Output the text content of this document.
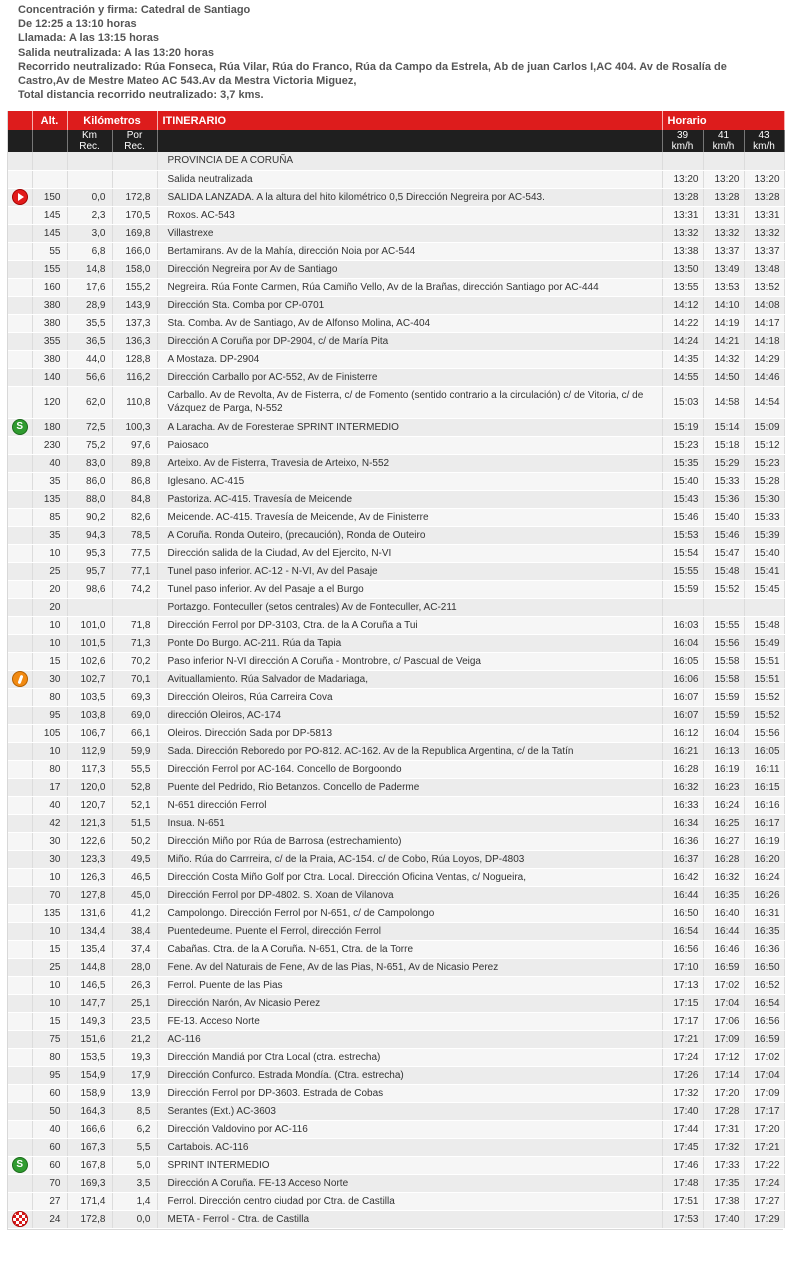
Concentración y firma: Catedral de Santiago
De 12:25 a 13:10 horas
Llamada: A las 13:15 horas
Salida neutralizada: A las 13:20 horas
Recorrido neutralizado: Rúa Fonseca, Rúa Vilar, Rúa do Franco, Rúa da Campo da Estrela, Ab de juan Carlos I,AC 404. Av de Rosalía de Castro,Av de Mestre Mateo AC 543.Av da Mestra Victoria Miguez,
Total distancia recorrido neutralizado: 3,7 kms.
	Alt.	Kilómetros		ITINERARIO	Horario		
		Km Rec.	Por Rec.		39 km/h	41 km/h	43 km/h
				PROVINCIA DE A CORUÑA			
				Salida neutralizada	13:20	13:20	13:20
	150	0,0	172,8	SALIDA LANZADA. A la altura del hito kilométrico 0,5 Dirección Negreira por AC-543.	13:28	13:28	13:28
	145	2,3	170,5	Roxos. AC-543	13:31	13:31	13:31
	145	3,0	169,8	Villastrexe	13:32	13:32	13:32
	55	6,8	166,0	Bertamirans. Av de la Mahía, dirección Noia por AC-544	13:38	13:37	13:37
	155	14,8	158,0	Dirección Negreira por Av de Santiago	13:50	13:49	13:48
	160	17,6	155,2	Negreira. Rúa Fonte Carmen, Rúa Camiño Vello, Av de la Brañas, dirección Santiago por AC-444	13:55	13:53	13:52
	380	28,9	143,9	Dirección Sta. Comba por CP-0701	14:12	14:10	14:08
	380	35,5	137,3	Sta. Comba. Av de Santiago, Av de Alfonso Molina, AC-404	14:22	14:19	14:17
	355	36,5	136,3	Dirección A Coruña por DP-2904, c/ de María Pita	14:24	14:21	14:18
	380	44,0	128,8	A Mostaza. DP-2904	14:35	14:32	14:29
	140	56,6	116,2	Dirección Carballo por AC-552, Av de Finisterre	14:55	14:50	14:46
	120	62,0	110,8	Carballo. Av de Revolta, Av de Fisterra, c/ de Fomento (sentido contrario a la circulación) c/ de Vitoria, c/ de Vázquez de Parga, N-552	15:03	14:58	14:54
S	180	72,5	100,3	A Laracha. Av de Foresterae SPRINT INTERMEDIO	15:19	15:14	15:09
	230	75,2	97,6	Paiosaco	15:23	15:18	15:12
	40	83,0	89,8	Arteixo. Av de Fisterra, Travesia de Arteixo, N-552	15:35	15:29	15:23
	35	86,0	86,8	Iglesano. AC-415	15:40	15:33	15:28
	135	88,0	84,8	Pastoriza. AC-415. Travesía de Meicende	15:43	15:36	15:30
	85	90,2	82,6	Meicende. AC-415. Travesía de Meicende, Av de Finisterre	15:46	15:40	15:33
	35	94,3	78,5	A Coruña. Ronda Outeiro, (precaución), Ronda de Outeiro	15:53	15:46	15:39
	10	95,3	77,5	Dirección salida de la Ciudad, Av del Ejercito, N-VI	15:54	15:47	15:40
	25	95,7	77,1	Tunel paso inferior. AC-12 - N-VI, Av del Pasaje	15:55	15:48	15:41
	20	98,6	74,2	Tunel paso inferior. Av del Pasaje a el Burgo	15:59	15:52	15:45
	20			Portazgo. Fonteculler (setos centrales) Av de Fonteculler, AC-211			
	10	101,0	71,8	Dirección Ferrol por DP-3103, Ctra. de la A Coruña a Tui	16:03	15:55	15:48
	10	101,5	71,3	Ponte Do Burgo. AC-211. Rúa da Tapia	16:04	15:56	15:49
	15	102,6	70,2	Paso inferior N-VI dirección A Coruña - Montrobre, c/ Pascual de Veiga	16:05	15:58	15:51
	30	102,7	70,1	Avituallamiento. Rúa Salvador de Madariaga,	16:06	15:58	15:51
	80	103,5	69,3	Dirección Oleiros, Rúa Carreira Cova	16:07	15:59	15:52
	95	103,8	69,0	dirección Oleiros, AC-174	16:07	15:59	15:52
	105	106,7	66,1	Oleiros. Dirección Sada por DP-5813	16:12	16:04	15:56
	10	112,9	59,9	Sada. Dirección Reboredo por PO-812. AC-162. Av de la Republica Argentina, c/ de la Tatín	16:21	16:13	16:05
	80	117,3	55,5	Dirección Ferrol por AC-164. Concello de Borgoondo	16:28	16:19	16:11
	17	120,0	52,8	Puente del Pedrido, Rio Betanzos. Concello de Paderme	16:32	16:23	16:15
	40	120,7	52,1	N-651 dirección Ferrol	16:33	16:24	16:16
	42	121,3	51,5	Insua. N-651	16:34	16:25	16:17
	30	122,6	50,2	Dirección Miño por Rúa de Barrosa (estrechamiento)	16:36	16:27	16:19
	30	123,3	49,5	Miño. Rúa do Carrreira, c/ de la Praia, AC-154. c/ de Cobo, Rúa Loyos, DP-4803	16:37	16:28	16:20
	10	126,3	46,5	Dirección Costa Miño Golf por Ctra. Local. Dirección Oficina Ventas, c/ Nogueira,	16:42	16:32	16:24
	70	127,8	45,0	Dirección Ferrol por DP-4802. S. Xoan de Vilanova	16:44	16:35	16:26
	135	131,6	41,2	Campolongo. Dirección Ferrol por N-651, c/ de Campolongo	16:50	16:40	16:31
	10	134,4	38,4	Puentedeume. Puente el Ferrol, dirección Ferrol	16:54	16:44	16:35
	15	135,4	37,4	Cabañas. Ctra. de la A Coruña. N-651, Ctra. de la Torre	16:56	16:46	16:36
	25	144,8	28,0	Fene. Av del Naturais de Fene, Av de las Pias, N-651, Av de Nicasio Perez	17:10	16:59	16:50
	10	146,5	26,3	Ferrol. Puente de las Pias	17:13	17:02	16:52
	10	147,7	25,1	Dirección Narón, Av Nicasio Perez	17:15	17:04	16:54
	15	149,3	23,5	FE-13. Acceso Norte	17:17	17:06	16:56
	75	151,6	21,2	AC-116	17:21	17:09	16:59
	80	153,5	19,3	Dirección Mandiá por Ctra Local (ctra. estrecha)	17:24	17:12	17:02
	95	154,9	17,9	Dirección Confurco. Estrada Mondía. (Ctra. estrecha)	17:26	17:14	17:04
	60	158,9	13,9	Dirección Ferrol por DP-3603. Estrada de Cobas	17:32	17:20	17:09
	50	164,3	8,5	Serantes (Ext.) AC-3603	17:40	17:28	17:17
	40	166,6	6,2	Dirección Valdovino por AC-116	17:44	17:31	17:20
	60	167,3	5,5	Cartabois. AC-116	17:45	17:32	17:21
S	60	167,8	5,0	SPRINT INTERMEDIO	17:46	17:33	17:22
	70	169,3	3,5	Dirección A Coruña. FE-13 Acceso Norte	17:48	17:35	17:24
	27	171,4	1,4	Ferrol. Dirección centro ciudad por Ctra. de Castilla	17:51	17:38	17:27
	24	172,8	0,0	META - Ferrol - Ctra. de Castilla	17:53	17:40	17:29
